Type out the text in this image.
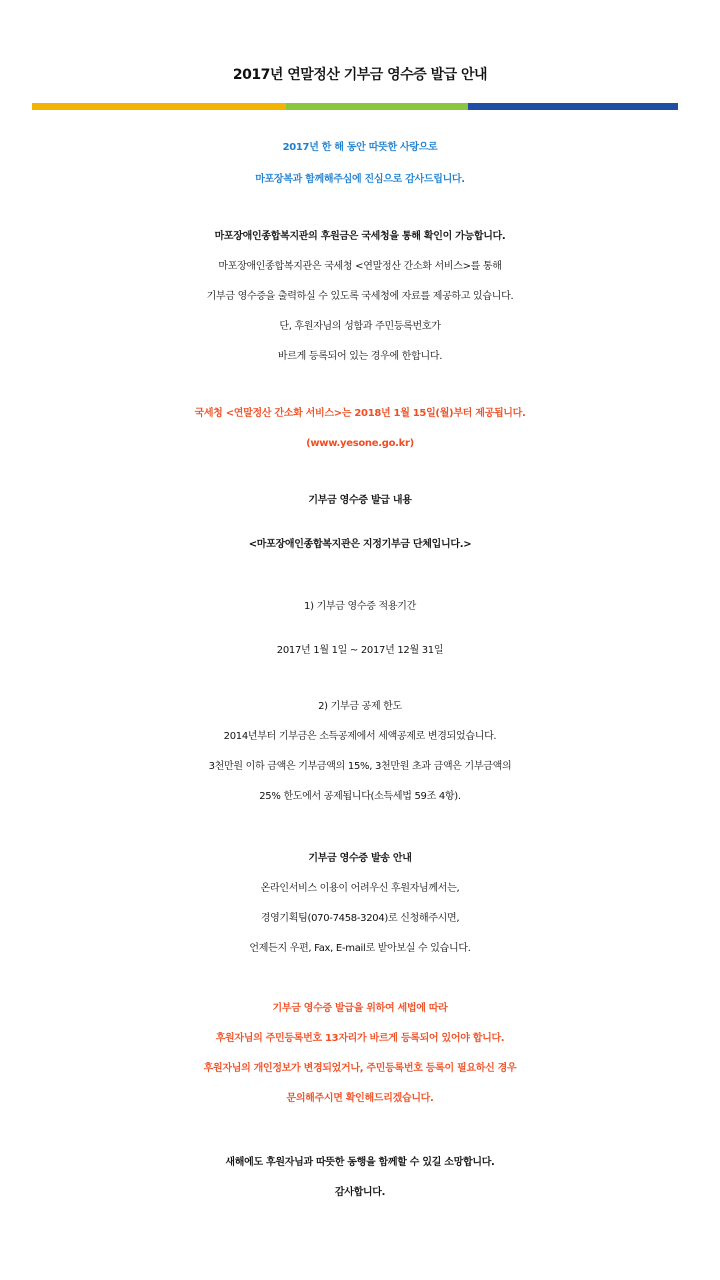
2017년 연말정산 기부금 영수증 발급 안내

2017년 한 해 동안 따뜻한 사랑으로

마포장복과 함께해주심에 진심으로 감사드립니다.

마포장애인종합복지관의 후원금은 국세청을 통해 확인이 가능합니다.

마포장애인종합복지관은 국세청 <연말정산 간소화 서비스>를 통해

기부금 영수증을 출력하실 수 있도록 국세청에 자료를 제공하고 있습니다.

단, 후원자님의 성함과 주민등록번호가

바르게 등록되어 있는 경우에 한합니다.

국세청 <연말정산 간소화 서비스>는 2018년 1월 15일(월)부터 제공됩니다.

(www.yesone.go.kr)

기부금 영수증 발급 내용

<마포장애인종합복지관은 지정기부금 단체입니다.>

1) 기부금 영수증 적용기간

2017년 1월 1일 ~ 2017년 12월 31일

2) 기부금 공제 한도

2014년부터 기부금은 소득공제에서 세액공제로 변경되었습니다.

3천만원 이하 금액은 기부금액의 15%, 3천만원 초과 금액은 기부금액의

25% 한도에서 공제됩니다(소득세법 59조 4항).

기부금 영수증 발송 안내

온라인서비스 이용이 어려우신 후원자님께서는,

경영기획팀(070-7458-3204)로 신청해주시면,

언제든지 우편, Fax, E-mail로 받아보실 수 있습니다.

기부금 영수증 발급을 위하여 세법에 따라

후원자님의 주민등록번호 13자리가 바르게 등록되어 있어야 합니다.

후원자님의 개인정보가 변경되었거나, 주민등록번호 등록이 필요하신 경우

문의해주시면 확인해드리겠습니다.

새해에도 후원자님과 따뜻한 동행을 함께할 수 있길 소망합니다.

감사합니다.
